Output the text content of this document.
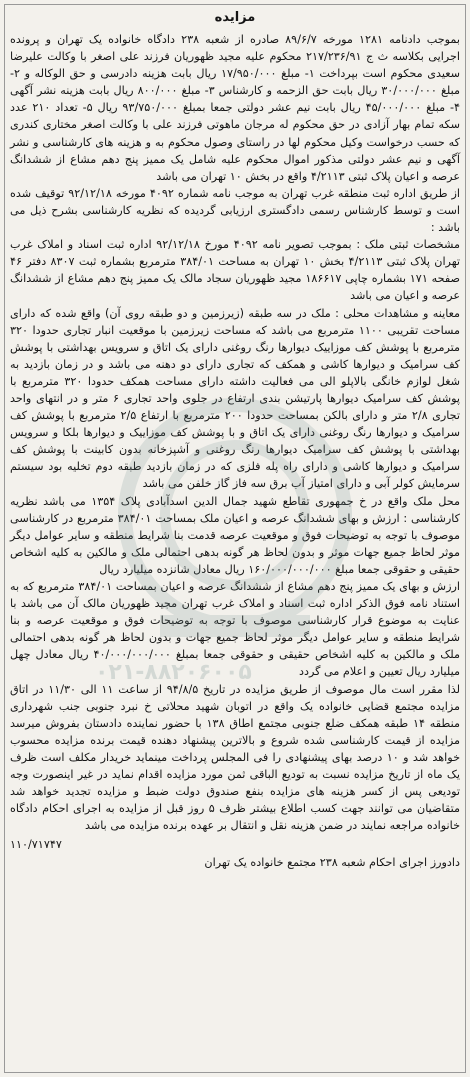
۰۲۱-۸۸۲۰۶۰۰۵
مزایده

بموجب دادنامه ۱۲۸۱ مورخه ۸۹/۶/۷ صادره از شعبه ۲۳۸ دادگاه خانواده یک تهران و پرونده اجرایی بکلاسه ث ج ۲۱۷/۲۳۶/۹۱ محکوم علیه مجید ظهوریان فرزند علی اصغر با وکالت علیرضا سعیدی محکوم است بپرداخت ۱- مبلغ ۱۷/۹۵۰/۰۰۰ ریال بابت هزینه دادرسی و حق الوکاله و ۲- مبلغ ۳۰/۰۰۰/۰۰۰ ریال بابت حق الزحمه و کارشناس ۳- مبلغ ۸۰۰/۰۰۰ ریال بابت هزینه نشر آگهی ۴- مبلغ ۴۵/۰۰۰/۰۰۰ ریال بابت نیم عشر دولتی جمعا بمبلغ ۹۳/۷۵۰/۰۰۰ ریال ۵- تعداد ۲۱۰ عدد سکه تمام بهار آزادی در حق محکوم له مرجان ماهوتی فرزند علی با وکالت اصغر مختاری کندری که حسب درخواست وکیل محکوم لها در راستای وصول محکوم به و هزینه های کارشناسی و نشر آگهی و نیم عشر دولتی مذکور اموال محکوم علیه شامل یک ممیز پنج دهم مشاع از ششدانگ عرصه و اعیان پلاک ثبتی ۴/۲۱۱۳ واقع در بخش ۱۰ تهران می باشد

از طریق اداره ثبت منطقه غرب تهران به موجب نامه شماره ۴۰۹۲ مورخه ۹۲/۱۲/۱۸ توقیف شده است و توسط کارشناس رسمی دادگستری ارزیابی گردیده که نظریه کارشناسی بشرح ذیل می باشد :

مشخصات ثبتی ملک : بموجب تصویر نامه ۴۰۹۲ مورخ ۹۲/۱۲/۱۸ اداره ثبت اسناد و املاک غرب تهران پلاک ثبتی ۴/۲۱۱۳ بخش ۱۰ تهران به مساحت ۳۸۴/۰۱ مترمربع بشماره ثبت ۸۳۰۷ دفتر ۴۶ صفحه ۱۷۱ بشماره چاپی ۱۸۶۶۱۷ مجید ظهوریان سجاد مالک یک ممیز پنج دهم مشاع از ششدانگ عرصه و اعیان می باشد

معاینه و مشاهدات محلی : ملک در سه طبقه (زیرزمین و دو طبقه روی آن) واقع شده که دارای مساحت تقریبی ۱۱۰۰ مترمربع می باشد که مساحت زیرزمین با موقعیت انبار تجاری حدودا ۳۲۰ مترمربع با پوشش کف موزاییک دیوارها رنگ روغنی دارای یک اتاق و سرویس بهداشتی با پوشش کف سرامیک و دیوارها کاشی و همکف که تجاری دارای دو دهنه می باشد و در زمان بازدید به شغل لوازم خانگی بالاپلو الی می فعالیت داشته دارای مساحت همکف حدودا ۳۲۰ مترمربع با پوشش کف سرامیک دیوارها پارتیشن بندی ارتفاع در جلوی واحد تجاری ۶ متر و در انتهای واحد تجاری ۲/۸ متر و دارای بالکن بمساحت حدودا ۲۰۰ مترمربع با ارتفاع ۲/۵ مترمربع با پوشش کف سرامیک و دیوارها رنگ روغنی دارای یک اتاق و با پوشش کف موزاییک و دیوارها بلکا و سرویس بهداشتی با پوشش کف سرامیک دیوارها رنگ روغنی و آشپزخانه بدون کابینت با پوشش کف سرامیک و دیوارها کاشی و دارای راه پله فلزی که در زمان بازدید طبقه دوم تخلیه بود سیستم سرمایش کولر آبی و دارای امتیاز آب برق سه فاز گاز خلفن می باشد

محل ملک واقع در خ جمهوری تقاطع شهید جمال الدین اسدآبادی پلاک ۱۳۵۴ می باشد نظریه کارشناسی : ارزش و بهای ششدانگ عرصه و اعیان ملک بمساحت ۳۸۴/۰۱ مترمربع در کارشناسی موصوف با توجه به توضیحات فوق و موقعیت عرصه قدمت بنا شرایط منطقه و سایر عوامل دیگر موثر لحاظ جمیع جهات موثر و بدون لحاظ هر گونه بدهی احتمالی ملک و مالکین به کلیه اشخاص حقیقی و حقوقی جمعا مبلغ ۱۶۰/۰۰۰/۰۰۰/۰۰۰ ریال معادل شانزده میلیارد ریال

ارزش و بهای یک ممیز پنج دهم مشاع از ششدانگ عرصه و اعیان بمساحت ۳۸۴/۰۱ مترمربع که به استناد نامه فوق الذکر اداره ثبت اسناد و املاک غرب تهران مجید ظهوریان مالک آن می باشد با عنایت به موضوع قرار کارشناسی موصوف با توجه به توضیحات فوق و موقعیت عرصه و بنا شرایط منطقه و سایر عوامل دیگر موثر لحاظ جمیع جهات و بدون لحاظ هر گونه بدهی احتمالی ملک و مالکین به کلیه اشخاص حقیقی و حقوقی جمعا بمبلغ ۴۰/۰۰۰/۰۰۰/۰۰۰ ریال معادل چهل میلیارد ریال تعیین و اعلام می گردد

لذا مقرر است مال موصوف از طریق مزایده در تاریخ ۹۴/۸/۵ از ساعت ۱۱ الی ۱۱/۳۰ در اتاق مزایده مجتمع قضایی خانواده یک واقع در اتوبان شهید محلاتی خ نبرد جنوبی جنب شهرداری منطقه ۱۴ طبقه همکف ضلع جنوبی مجتمع اطاق ۱۳۸ با حضور نماینده دادستان بفروش میرسد مزایده از قیمت کارشناسی شده شروع و بالاترین پیشنهاد دهنده قیمت برنده مزایده محسوب خواهد شد و ۱۰ درصد بهای پیشنهادی را فی المجلس پرداخت مینماید خریدار مکلف است ظرف یک ماه از تاریخ مزایده نسبت به تودیع الباقی ثمن مورد مزایده اقدام نماید در غیر اینصورت وجه تودیعی پس از کسر هزینه های مزایده بنفع صندوق دولت ضبط و مزایده تجدید خواهد شد متقاضیان می توانند جهت کسب اطلاع بیشتر ظرف ۵ روز قبل از مزایده به اجرای احکام دادگاه خانواده مراجعه نمایند در ضمن هزینه نقل و انتقال بر عهده برنده مزایده می باشد

۱۱۰/۷۱۷۴۷
دادورز اجرای احکام شعبه ۲۳۸ مجتمع خانواده یک تهران
